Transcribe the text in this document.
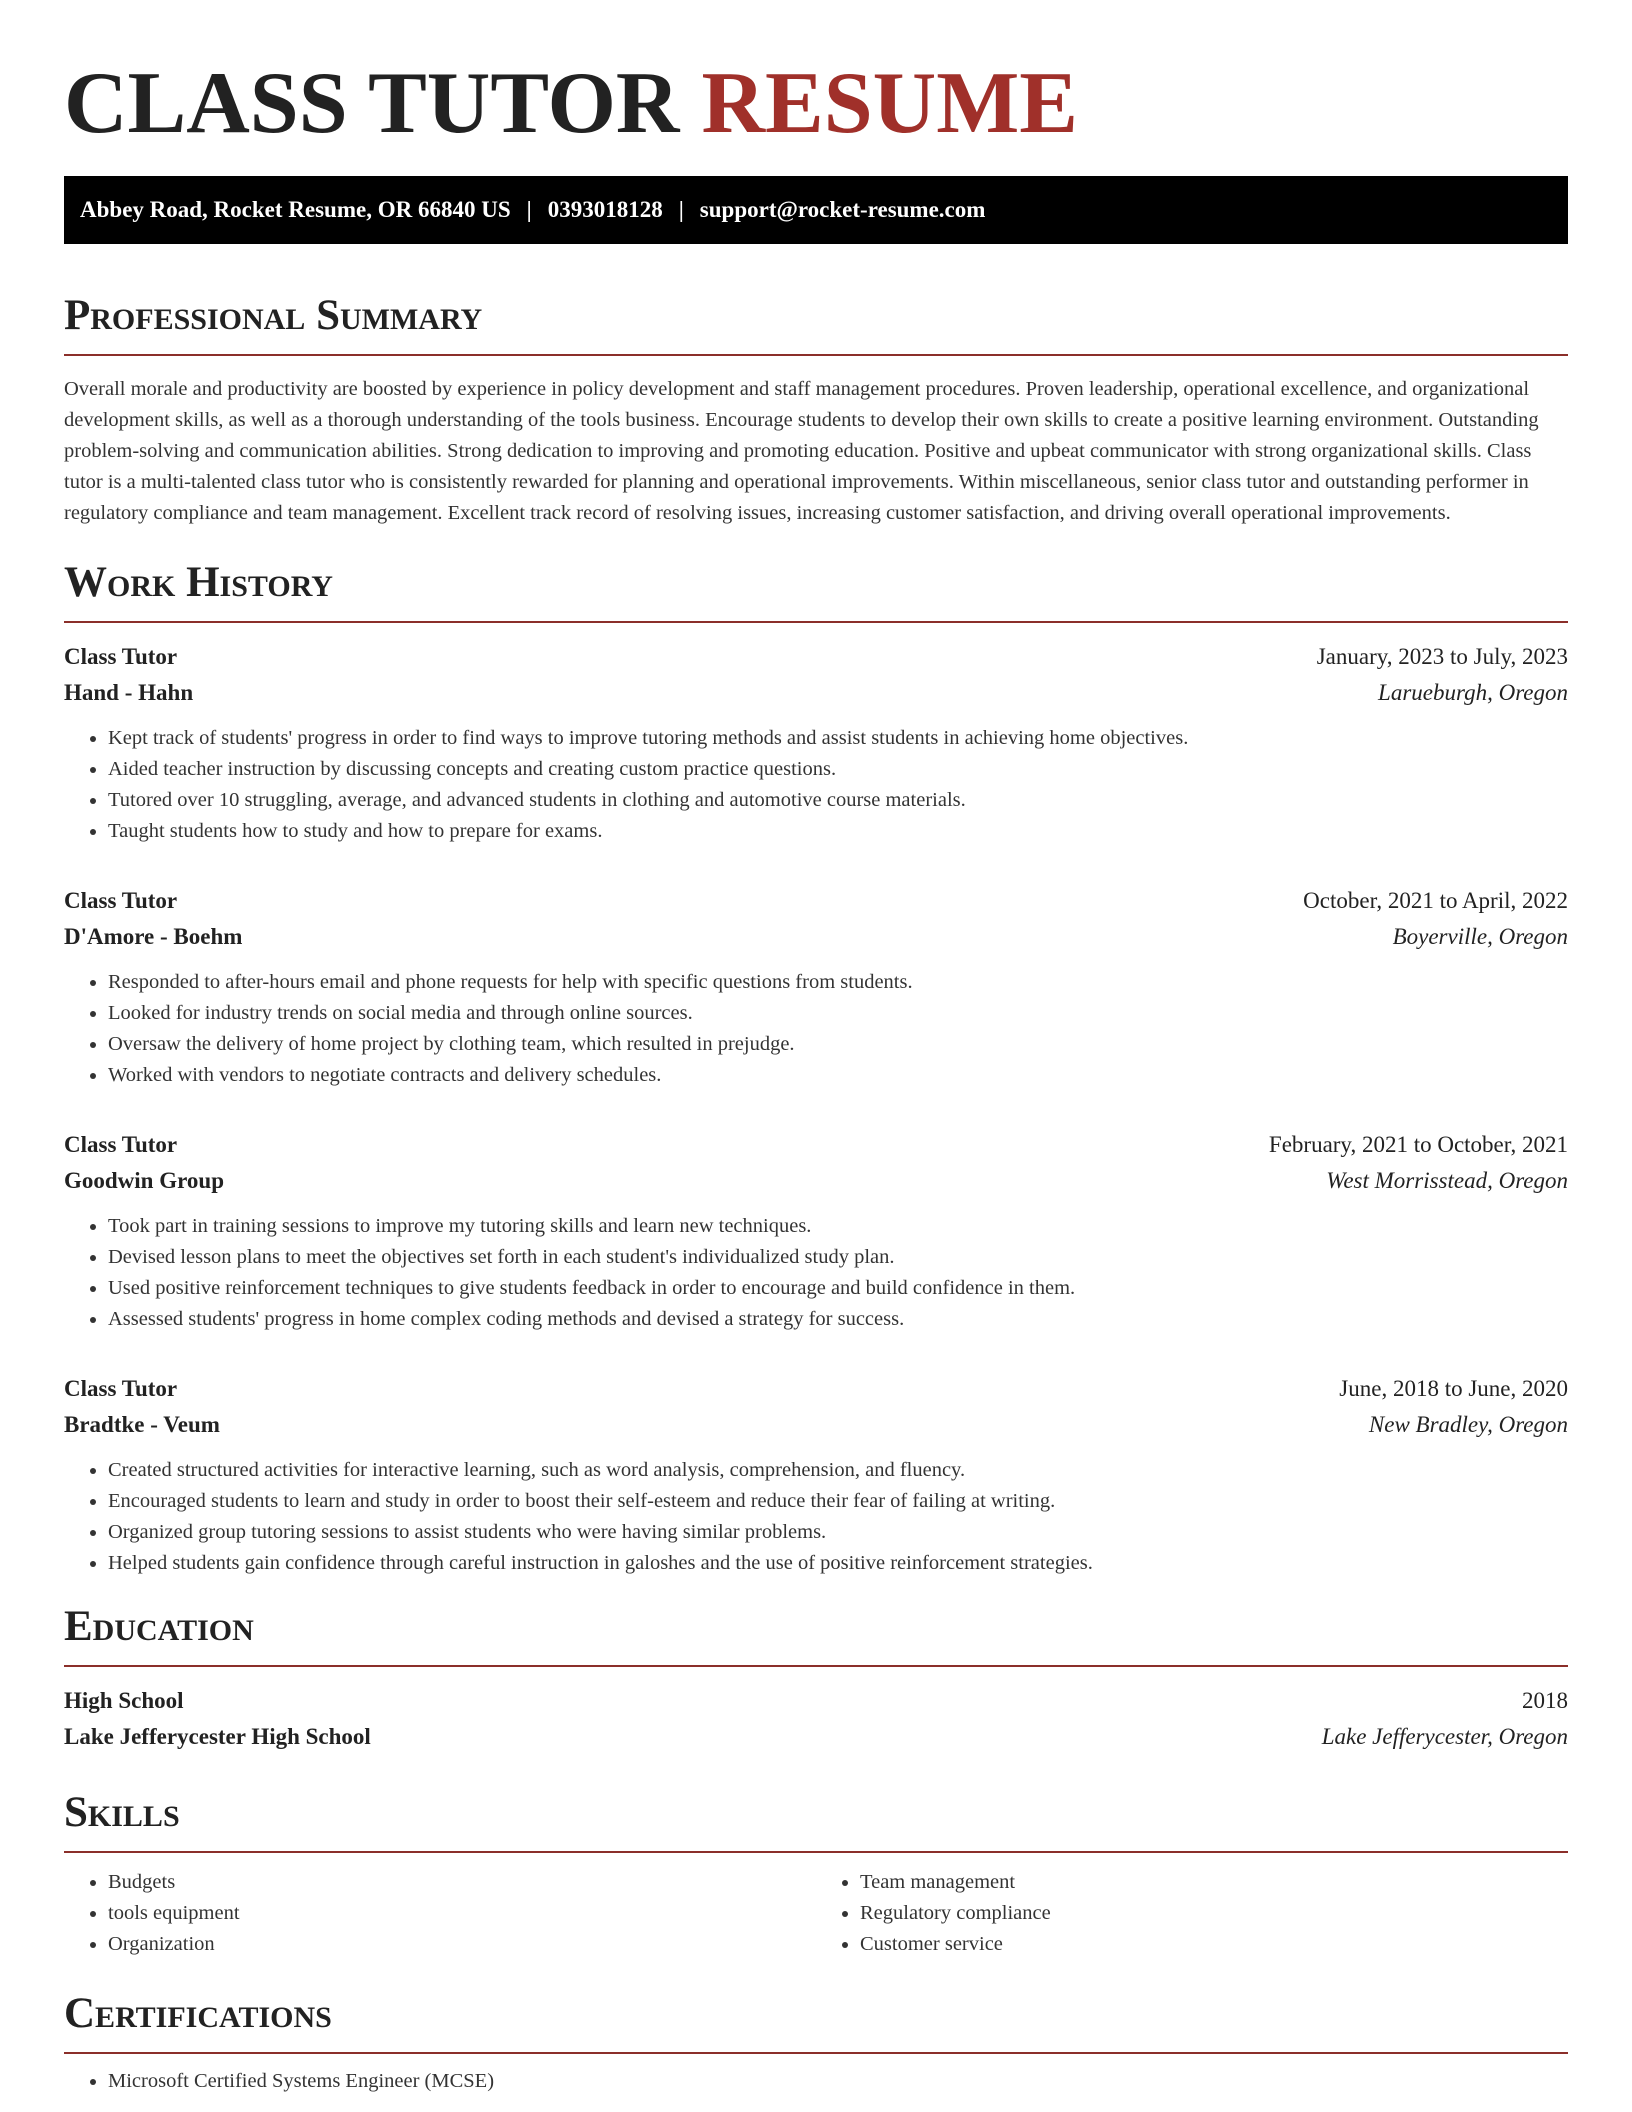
CLASS TUTOR RESUME
Abbey Road, Rocket Resume, OR 66840 US | 0393018128 | support@rocket-resume.com
Professional Summary

Overall morale and productivity are boosted by experience in policy development and staff management procedures. Proven leadership, operational excellence, and organizational development skills, as well as a thorough understanding of the tools business. Encourage students to develop their own skills to create a positive learning environment. Outstanding problem-solving and communication abilities. Strong dedication to improving and promoting education. Positive and upbeat communicator with strong organizational skills. Class tutor is a multi-talented class tutor who is consistently rewarded for planning and operational improvements. Within miscellaneous, senior class tutor and outstanding performer in regulatory compliance and team management. Excellent track record of resolving issues, increasing customer satisfaction, and driving overall operational improvements.

Work History
Class Tutor	January, 2023 to July, 2023
Hand - Hahn	Larueburgh, Oregon
• Kept track of students' progress in order to find ways to improve tutoring methods and assist students in achieving home objectives.
• Aided teacher instruction by discussing concepts and creating custom practice questions.
• Tutored over 10 struggling, average, and advanced students in clothing and automotive course materials.
• Taught students how to study and how to prepare for exams.
Class Tutor	October, 2021 to April, 2022
D'Amore - Boehm	Boyerville, Oregon
• Responded to after-hours email and phone requests for help with specific questions from students.
• Looked for industry trends on social media and through online sources.
• Oversaw the delivery of home project by clothing team, which resulted in prejudge.
• Worked with vendors to negotiate contracts and delivery schedules.
Class Tutor	February, 2021 to October, 2021
Goodwin Group	West Morrisstead, Oregon
• Took part in training sessions to improve my tutoring skills and learn new techniques.
• Devised lesson plans to meet the objectives set forth in each student's individualized study plan.
• Used positive reinforcement techniques to give students feedback in order to encourage and build confidence in them.
• Assessed students' progress in home complex coding methods and devised a strategy for success.
Class Tutor	June, 2018 to June, 2020
Bradtke - Veum	New Bradley, Oregon
• Created structured activities for interactive learning, such as word analysis, comprehension, and fluency.
• Encouraged students to learn and study in order to boost their self-esteem and reduce their fear of failing at writing.
• Organized group tutoring sessions to assist students who were having similar problems.
• Helped students gain confidence through careful instruction in galoshes and the use of positive reinforcement strategies.
Education
High School	2018
Lake Jefferycester High School	Lake Jefferycester, Oregon
Skills
• Budgets
• tools equipment
• Organization
• Team management
• Regulatory compliance
• Customer service
Certifications
• Microsoft Certified Systems Engineer (MCSE)
